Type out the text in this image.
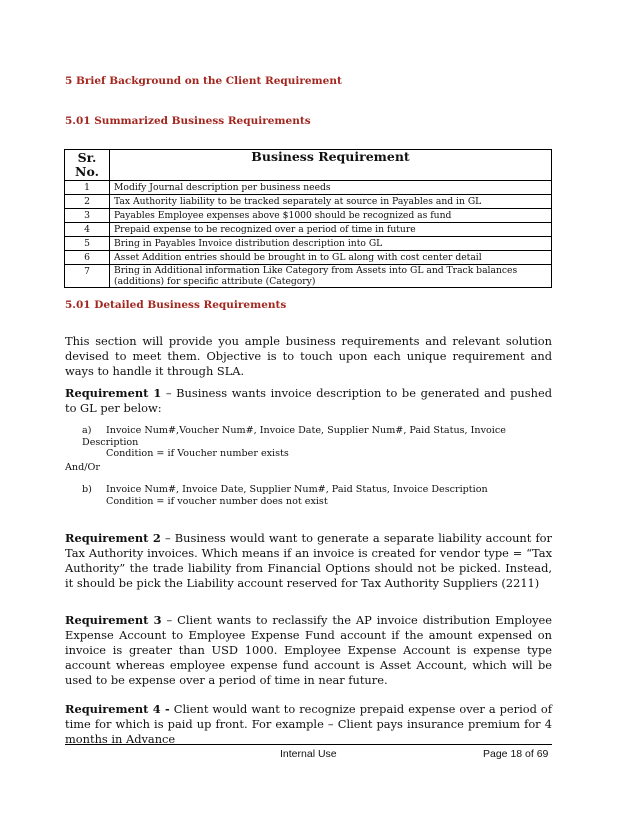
5 Brief Background on the Client Requirement
5.01 Summarized Business Requirements
Sr. No.	Business Requirement
1	Modify Journal description per business needs
2	Tax Authority liability to be tracked separately at source in Payables and in GL
3	Payables Employee expenses above $1000 should be recognized as fund
4	Prepaid expense to be recognized over a period of time in future
5	Bring in Payables Invoice distribution description into GL
6	Asset Addition entries should be brought in to GL along with cost center detail
7	Bring in Additional information Like Category from Assets into GL and Track balances (additions) for specific attribute (Category)
5.01 Detailed Business Requirements
This section will provide you ample business requirements and relevant solution devised to meet them. Objective is to touch upon each unique requirement and ways to handle it through SLA.
Requirement 1 – Business wants invoice description to be generated and pushed to GL per below:
a) Invoice Num#,Voucher Num#, Invoice Date, Supplier Num#, Paid Status, Invoice Description
Condition = if Voucher number exists
And/Or
b) Invoice Num#, Invoice Date, Supplier Num#, Paid Status, Invoice Description
Condition = if voucher number does not exist
Requirement 2 – Business would want to generate a separate liability account for Tax Authority invoices. Which means if an invoice is created for vendor type = “Tax Authority” the trade liability from Financial Options should not be picked. Instead, it should be pick the Liability account reserved for Tax Authority Suppliers (2211)
Requirement 3 – Client wants to reclassify the AP invoice distribution Employee Expense Account to Employee Expense Fund account if the amount expensed on invoice is greater than USD 1000. Employee Expense Account is expense type account whereas employee expense fund account is Asset Account, which will be used to be expense over a period of time in near future.
Requirement 4 - Client would want to recognize prepaid expense over a period of time for which is paid up front. For example – Client pays insurance premium for 4 months in Advance
Internal Use	Page 18 of 69
